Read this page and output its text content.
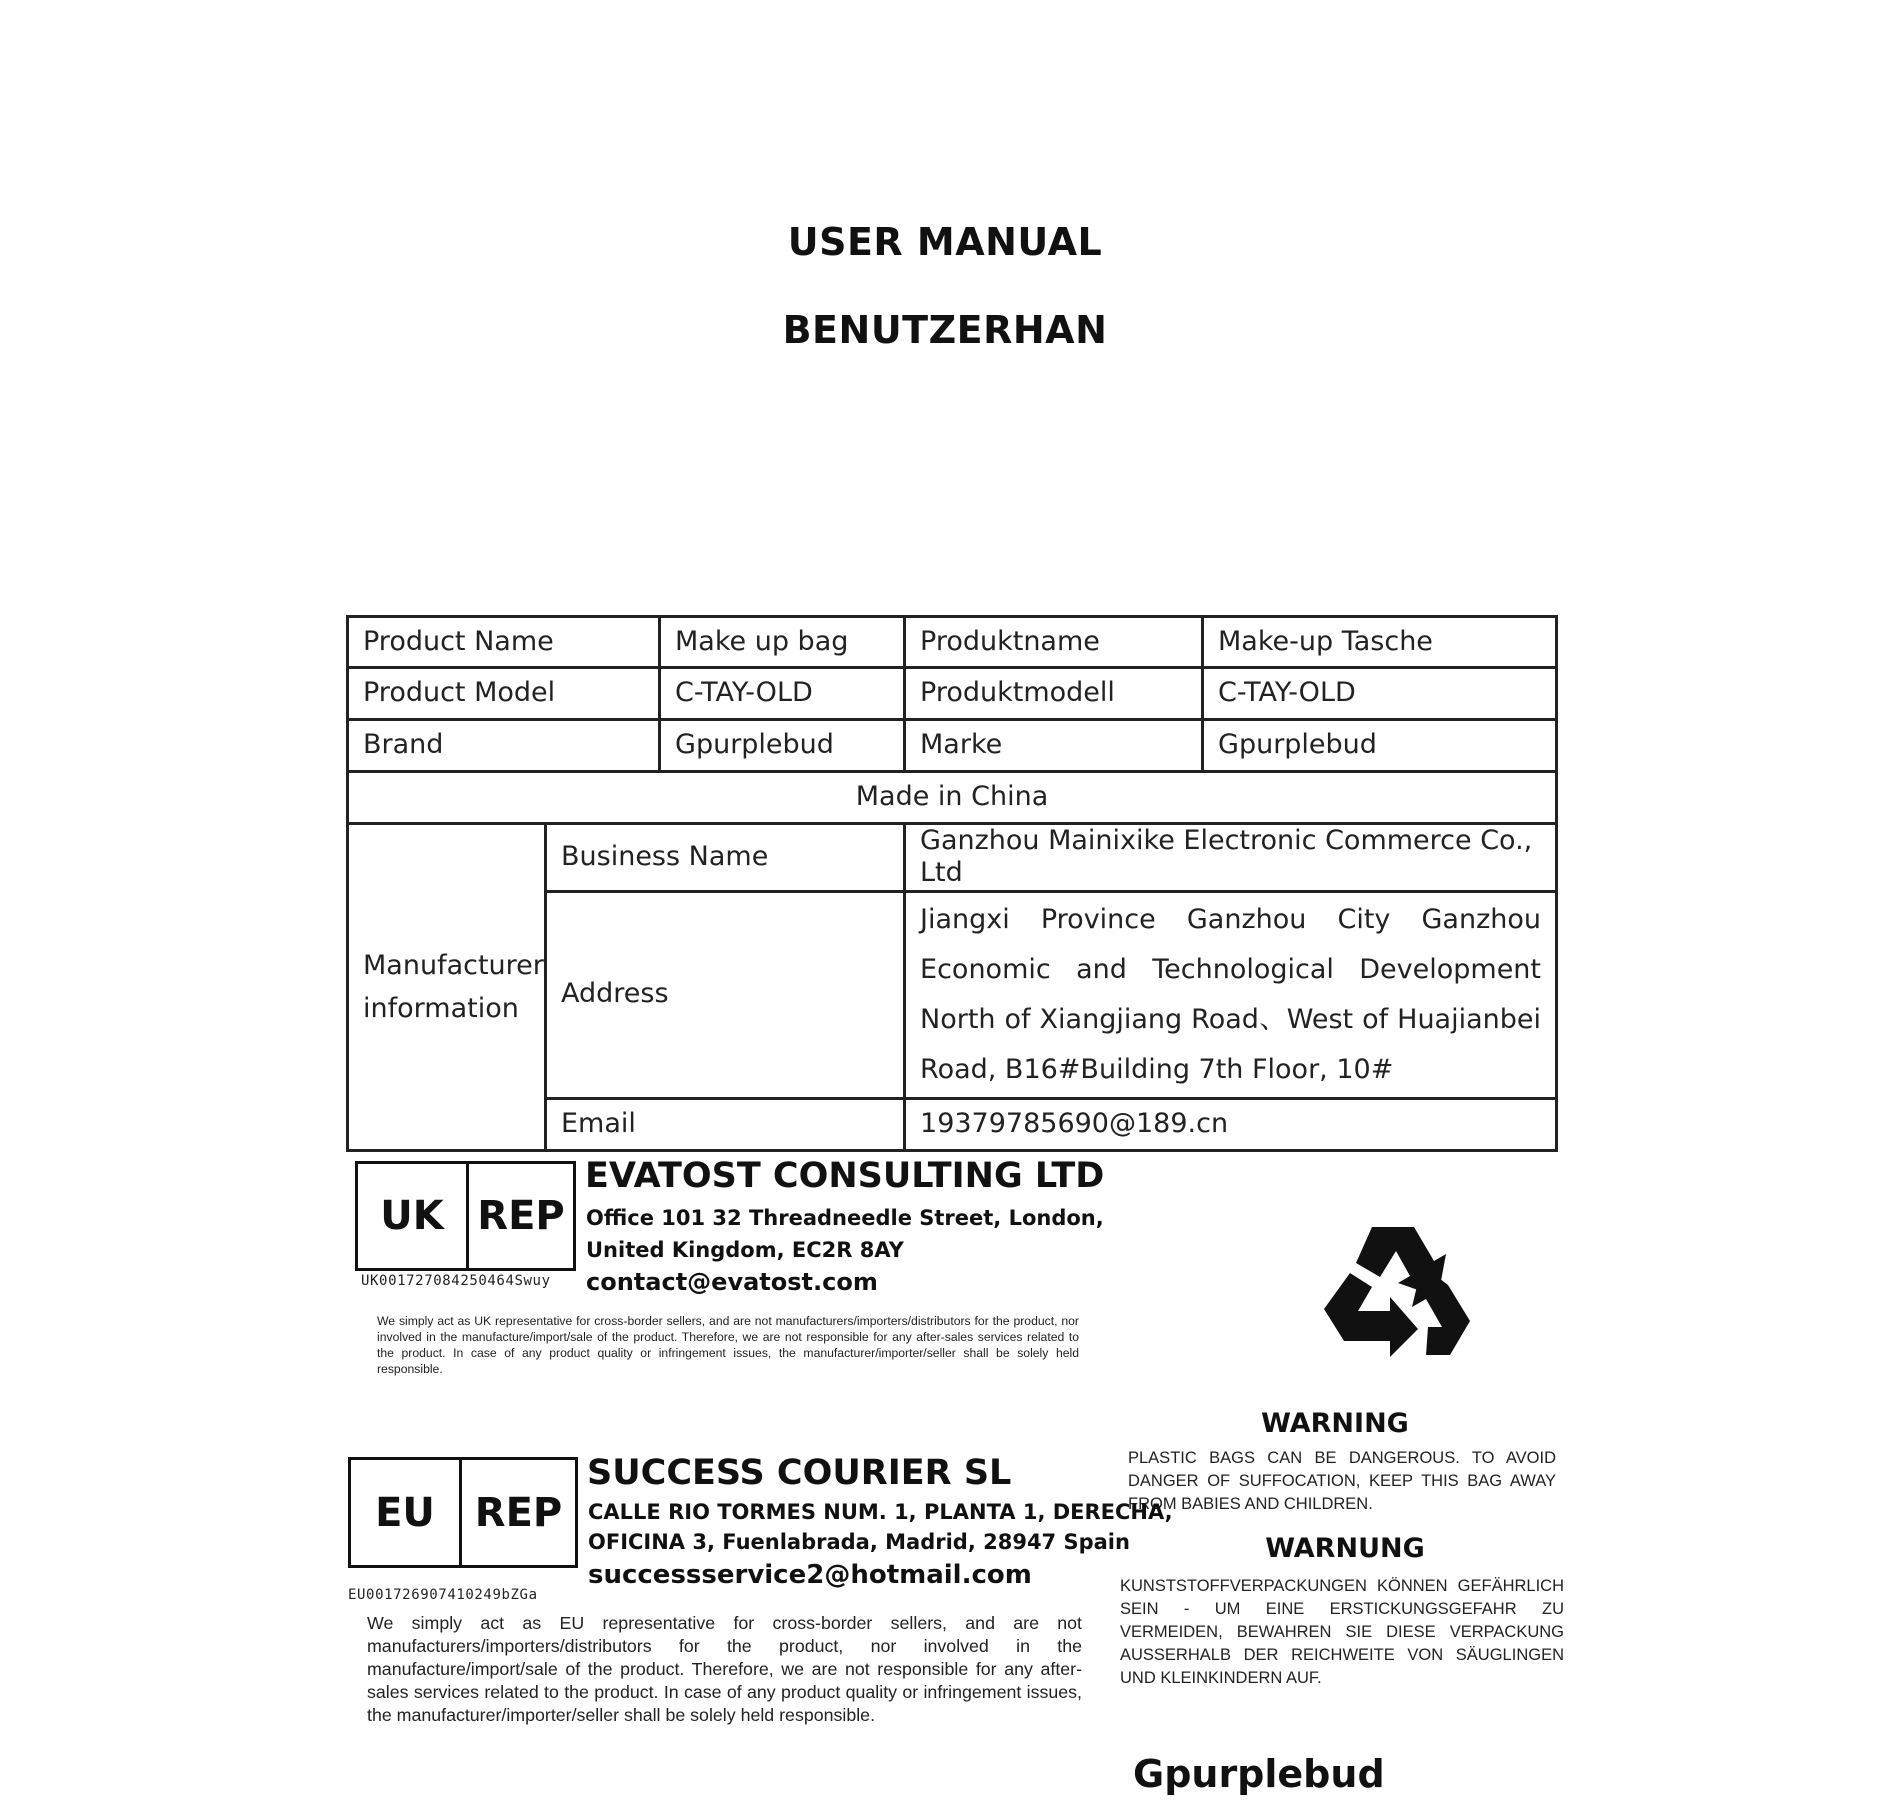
USER MANUAL
BENUTZERHAN
Product Name		Make up bag	Produktname	Make-up Tasche
Product Model		C-TAY-OLD	Produktmodell	C-TAY-OLD
Brand		Gpurplebud	Marke	Gpurplebud
Made in China				
Manufacturer information	Business Name		Ganzhou Mainixike Electronic Commerce Co., Ltd	
	Address		Jiangxi Province Ganzhou City Ganzhou Economic and Technological Development North of Xiangjiang Road、West of Huajianbei Road, B16#Building 7th Floor, 10#	
	Email		19379785690@189.cn	
UK REP
UK001727084250464Swuy
EVATOST CONSULTING LTD
Office 101 32 Threadneedle Street, London,
United Kingdom, EC2R 8AY
contact@evatost.com
We simply act as UK representative for cross-border sellers, and are not manufacturers/importers/distributors for the product, nor involved in the manufacture/import/sale of the product. Therefore, we are not responsible for any after-sales services related to the product. In case of any product quality or infringement issues, the manufacturer/importer/seller shall be solely held responsible.
WARNING
PLASTIC BAGS CAN BE DANGEROUS. TO AVOID DANGER OF SUFFOCATION, KEEP THIS BAG AWAY FROM BABIES AND CHILDREN.
WARNUNG
KUNSTSTOFFVERPACKUNGEN KÖNNEN GEFÄHRLICH SEIN - UM EINE ERSTICKUNGSGEFAHR ZU VERMEIDEN, BEWAHREN SIE DIESE VERPACKUNG AUSSERHALB DER REICHWEITE VON SÄUGLINGEN UND KLEINKINDERN AUF.
EU REP
EU001726907410249bZGa
SUCCESS COURIER SL
CALLE RIO TORMES NUM. 1, PLANTA 1, DERECHA,
OFICINA 3, Fuenlabrada, Madrid, 28947 Spain
successservice2@hotmail.com
We simply act as EU representative for cross-border sellers, and are not manufacturers/importers/distributors for the product, nor involved in the manufacture/import/sale of the product. Therefore, we are not responsible for any after-sales services related to the product. In case of any product quality or infringement issues, the manufacturer/importer/seller shall be solely held responsible.
Gpurplebud
